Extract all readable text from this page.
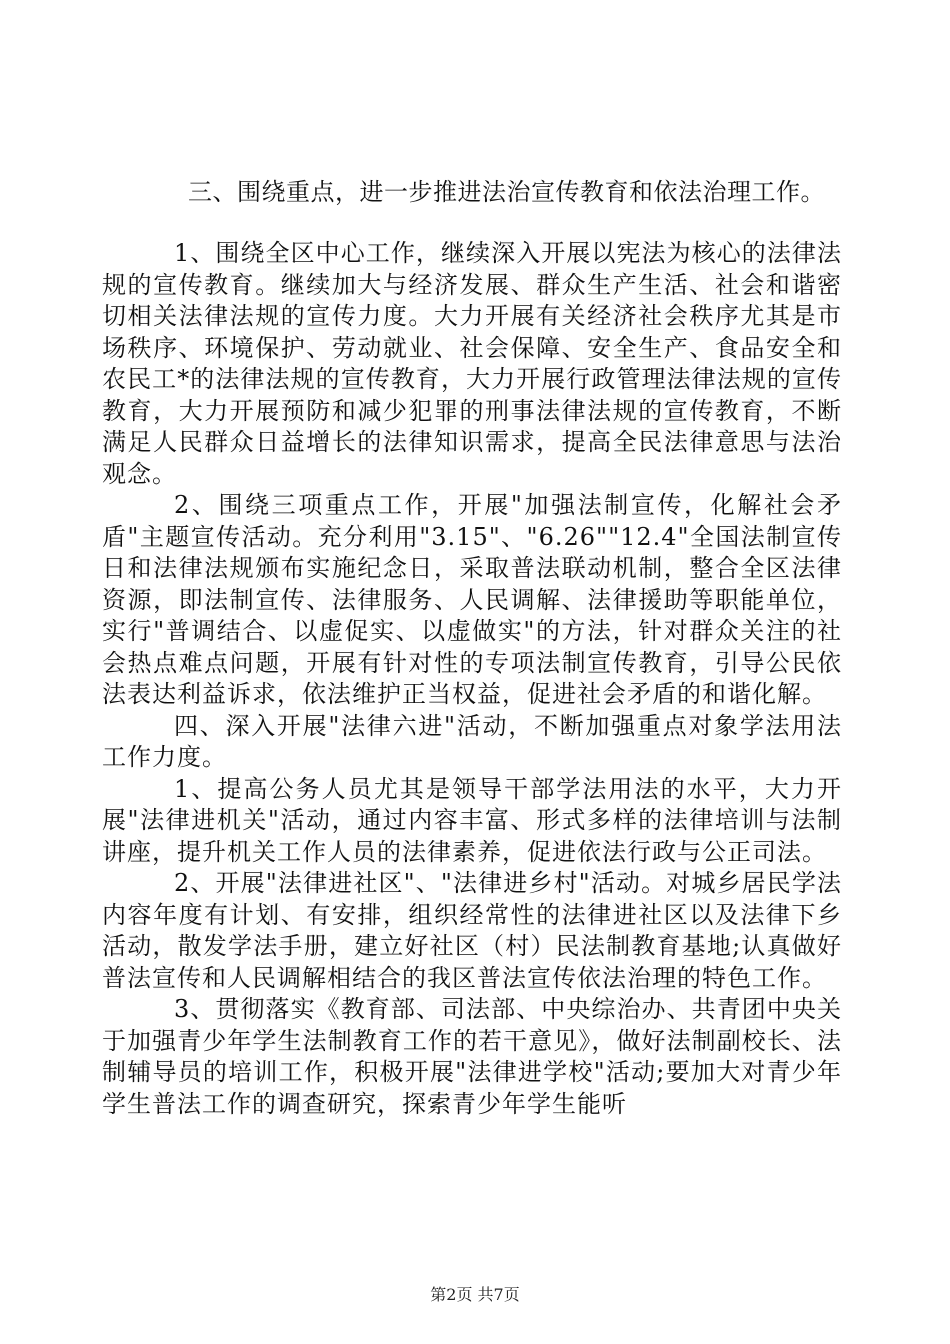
三、围绕重点，进一步推进法治宣传教育和依法治理工作。

1、围绕全区中心工作，继续深入开展以宪法为核心的法律法规的宣传教育。继续加大与经济发展、群众生产生活、社会和谐密切相关法律法规的宣传力度。大力开展有关经济社会秩序尤其是市场秩序、环境保护、劳动就业、社会保障、安全生产、食品安全和农民工*的法律法规的宣传教育，大力开展行政管理法律法规的宣传教育，大力开展预防和减少犯罪的刑事法律法规的宣传教育，不断满足人民群众日益增长的法律知识需求，提高全民法律意思与法治观念。

2、围绕三项重点工作，开展"加强法制宣传，化解社会矛盾"主题宣传活动。充分利用"3.15"、"6.26""12.4"全国法制宣传日和法律法规颁布实施纪念日，采取普法联动机制，整合全区法律资源，即法制宣传、法律服务、人民调解、法律援助等职能单位，实行"普调结合、以虚促实、以虚做实"的方法，针对群众关注的社会热点难点问题，开展有针对性的专项法制宣传教育，引导公民依法表达利益诉求，依法维护正当权益，促进社会矛盾的和谐化解。

四、深入开展"法律六进"活动，不断加强重点对象学法用法工作力度。

1、提高公务人员尤其是领导干部学法用法的水平，大力开展"法律进机关"活动，通过内容丰富、形式多样的法律培训与法制讲座，提升机关工作人员的法律素养，促进依法行政与公正司法。

2、开展"法律进社区"、"法律进乡村"活动。对城乡居民学法内容年度有计划、有安排，组织经常性的法律进社区以及法律下乡活动，散发学法手册，建立好社区（村）民法制教育基地;认真做好普法宣传和人民调解相结合的我区普法宣传依法治理的特色工作。

3、贯彻落实《教育部、司法部、中央综治办、共青团中央关于加强青少年学生法制教育工作的若干意见》，做好法制副校长、法制辅导员的培训工作，积极开展"法律进学校"活动;要加大对青少年学生普法工作的调查研究，探索青少年学生能听

第2页 共7页
